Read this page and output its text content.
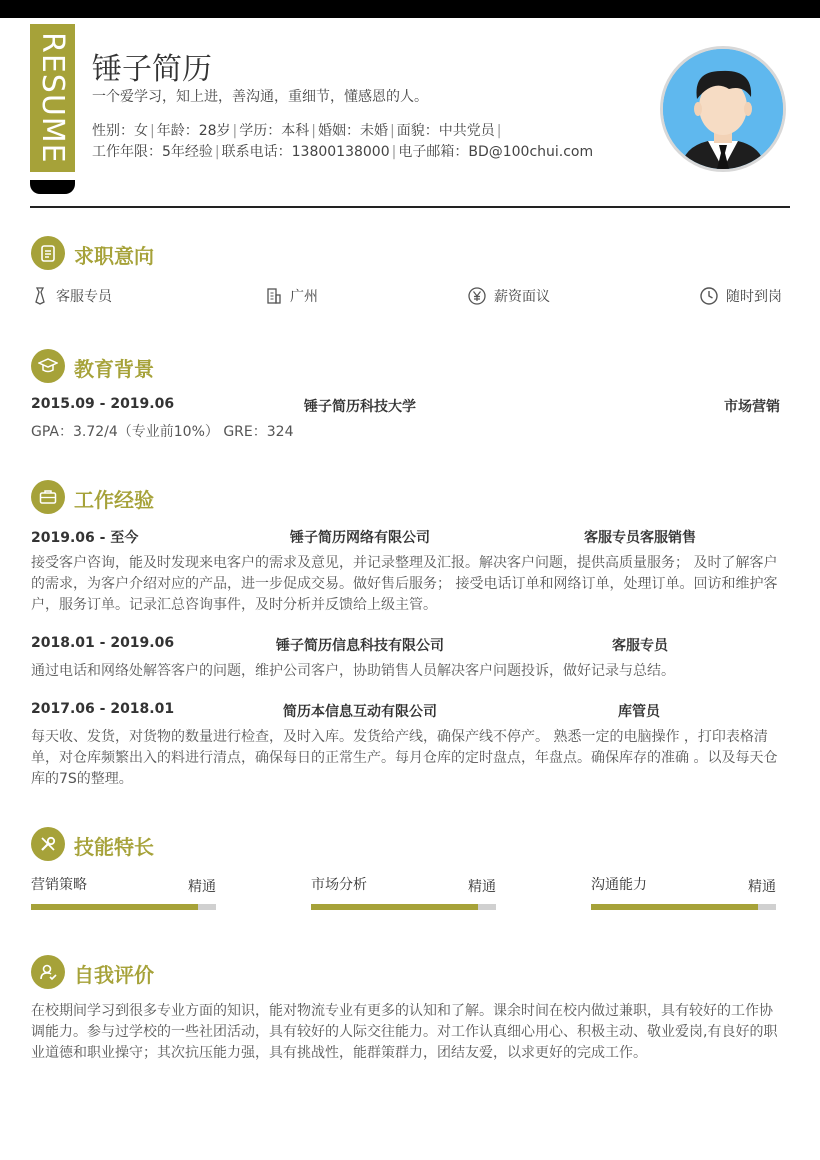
RESUME 锤子简历
一个爱学习，知上进，善沟通，重细节，懂感恩的人。
性别：女 | 年龄：28岁 | 学历：本科 | 婚姻：未婚 | 面貌：中共党员 |
工作年限：5年经验 | 联系电话：13800138000 | 电子邮箱：BD@100chui.com
求职意向
客服专员	广州	薪资面议	随时到岗
教育背景
2015.09 - 2019.06	锤子简历科技大学	市场营销
GPA：3.72/4（专业前10%） GRE：324
工作经验
2019.06 - 至今	锤子简历网络有限公司	客服专员客服销售
接受客户咨询，能及时发现来电客户的需求及意见，并记录整理及汇报。解决客户问题，提供高质量服务； 及时了解客户的需求，为客户介绍对应的产品，进一步促成交易。做好售后服务； 接受电话订单和网络订单，处理订单。回访和维护客户，服务订单。记录汇总咨询事件，及时分析并反馈给上级主管。
2018.01 - 2019.06	锤子简历信息科技有限公司	客服专员
通过电话和网络处解答客户的问题，维护公司客户，协助销售人员解决客户问题投诉，做好记录与总结。
2017.06 - 2018.01	简历本信息互动有限公司	库管员
每天收、发货，对货物的数量进行检查，及时入库。发货给产线，确保产线不停产。 熟悉一定的电脑操作 ，打印表格清单，对仓库频繁出入的料进行清点，确保每日的正常生产。每月仓库的定时盘点，年盘点。确保库存的准确 。以及每天仓库的7S的整理。
技能特长
营销策略	精通	市场分析	精通	沟通能力	精通
自我评价
在校期间学习到很多专业方面的知识，能对物流专业有更多的认知和了解。课余时间在校内做过兼职，具有较好的工作协调能力。参与过学校的一些社团活动，具有较好的人际交往能力。对工作认真细心用心、积极主动、敬业爱岗,有良好的职业道德和职业操守；其次抗压能力强，具有挑战性，能群策群力，团结友爱，以求更好的完成工作。
